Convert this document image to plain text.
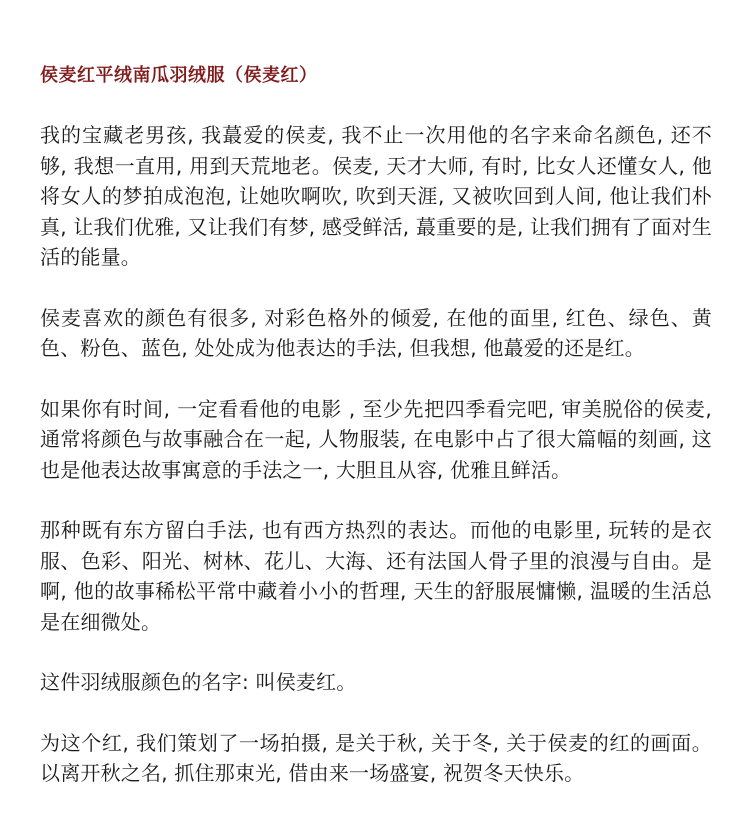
侯麦红平绒南瓜羽绒服（侯麦红）

我的宝藏老男孩, 我蕞爱的侯麦, 我不止一次用他的名字来命名颜色, 还不够, 我想一直用, 用到天荒地老。侯麦, 天才大师, 有时, 比女人还懂女人, 他将女人的梦拍成泡泡, 让她吹啊吹, 吹到天涯, 又被吹回到人间, 他让我们朴真, 让我们优雅, 又让我们有梦, 感受鲜活, 蕞重要的是, 让我们拥有了面对生活的能量。

侯麦喜欢的颜色有很多, 对彩色格外的倾爱, 在他的面里, 红色、绿色、黄色、粉色、蓝色, 处处成为他表达的手法, 但我想, 他蕞爱的还是红。

如果你有时间, 一定看看他的电影 , 至少先把四季看完吧, 审美脱俗的侯麦, 通常将颜色与故事融合在一起, 人物服装, 在电影中占了很大篇幅的刻画, 这也是他表达故事寓意的手法之一, 大胆且从容, 优雅且鲜活。

那种既有东方留白手法, 也有西方热烈的表达。而他的电影里, 玩转的是衣服、色彩、阳光、树林、花儿、大海、还有法国人骨子里的浪漫与自由。是啊, 他的故事稀松平常中藏着小小的哲理, 天生的舒服展慵懒, 温暖的生活总是在细微处。

这件羽绒服颜色的名字: 叫侯麦红。

为这个红, 我们策划了一场拍摄, 是关于秋, 关于冬, 关于侯麦的红的画面。以离开秋之名, 抓住那束光, 借由来一场盛宴, 祝贺冬天快乐。
